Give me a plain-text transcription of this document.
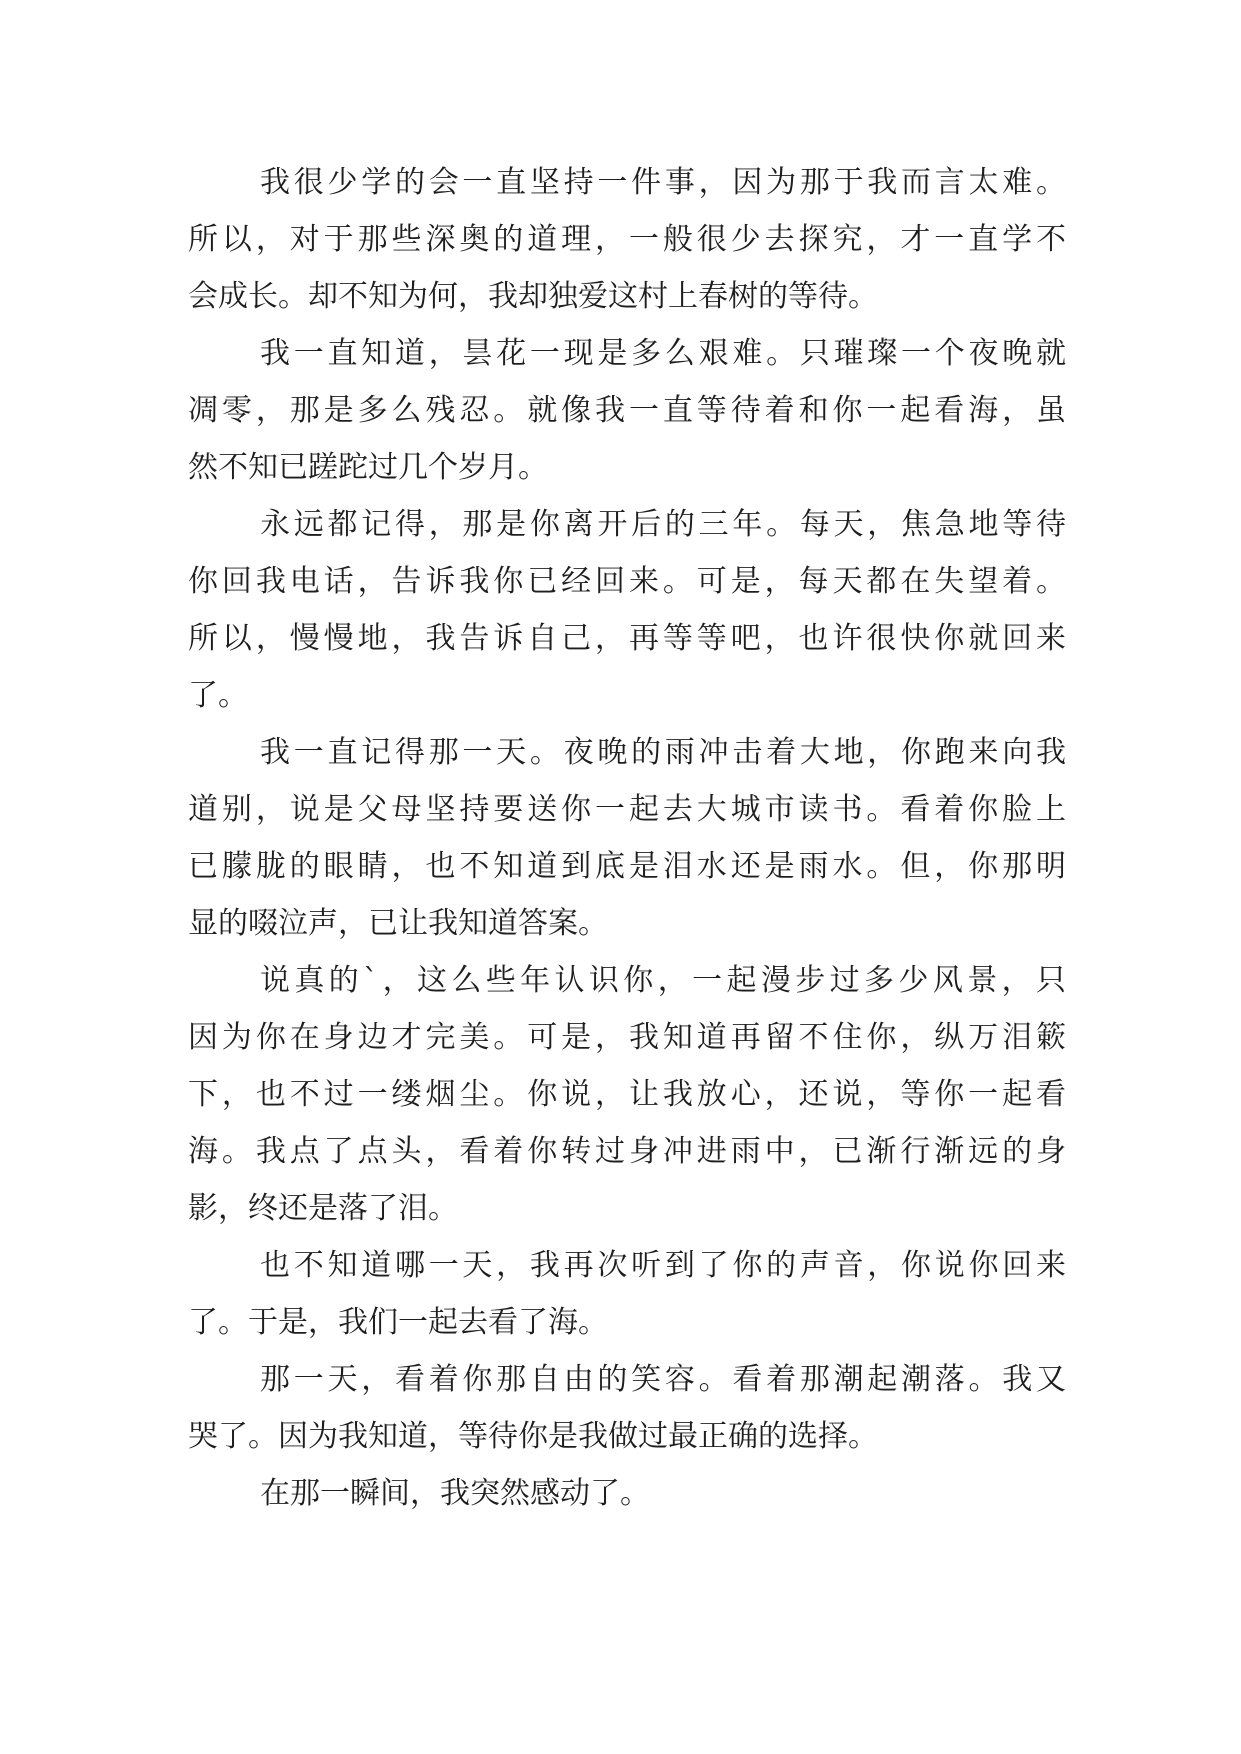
我很少学的会一直坚持一件事，因为那于我而言太难。
所以，对于那些深奥的道理，一般很少去探究，才一直学不
会成长。却不知为何，我却独爱这村上春树的等待。
我一直知道，昙花一现是多么艰难。只璀璨一个夜晚就
凋零，那是多么残忍。就像我一直等待着和你一起看海，虽
然不知已蹉跎过几个岁月。
永远都记得，那是你离开后的三年。每天，焦急地等待
你回我电话，告诉我你已经回来。可是，每天都在失望着。
所以，慢慢地，我告诉自己，再等等吧，也许很快你就回来
了。
我一直记得那一天。夜晚的雨冲击着大地，你跑来向我
道别，说是父母坚持要送你一起去大城市读书。看着你脸上
已朦胧的眼睛，也不知道到底是泪水还是雨水。但，你那明
显的啜泣声，已让我知道答案。
说真的`，这么些年认识你，一起漫步过多少风景，只
因为你在身边才完美。可是，我知道再留不住你，纵万泪簌
下，也不过一缕烟尘。你说，让我放心，还说，等你一起看
海。我点了点头，看着你转过身冲进雨中，已渐行渐远的身
影，终还是落了泪。
也不知道哪一天，我再次听到了你的声音，你说你回来
了。于是，我们一起去看了海。
那一天，看着你那自由的笑容。看着那潮起潮落。我又
哭了。因为我知道，等待你是我做过最正确的选择。
在那一瞬间，我突然感动了。
